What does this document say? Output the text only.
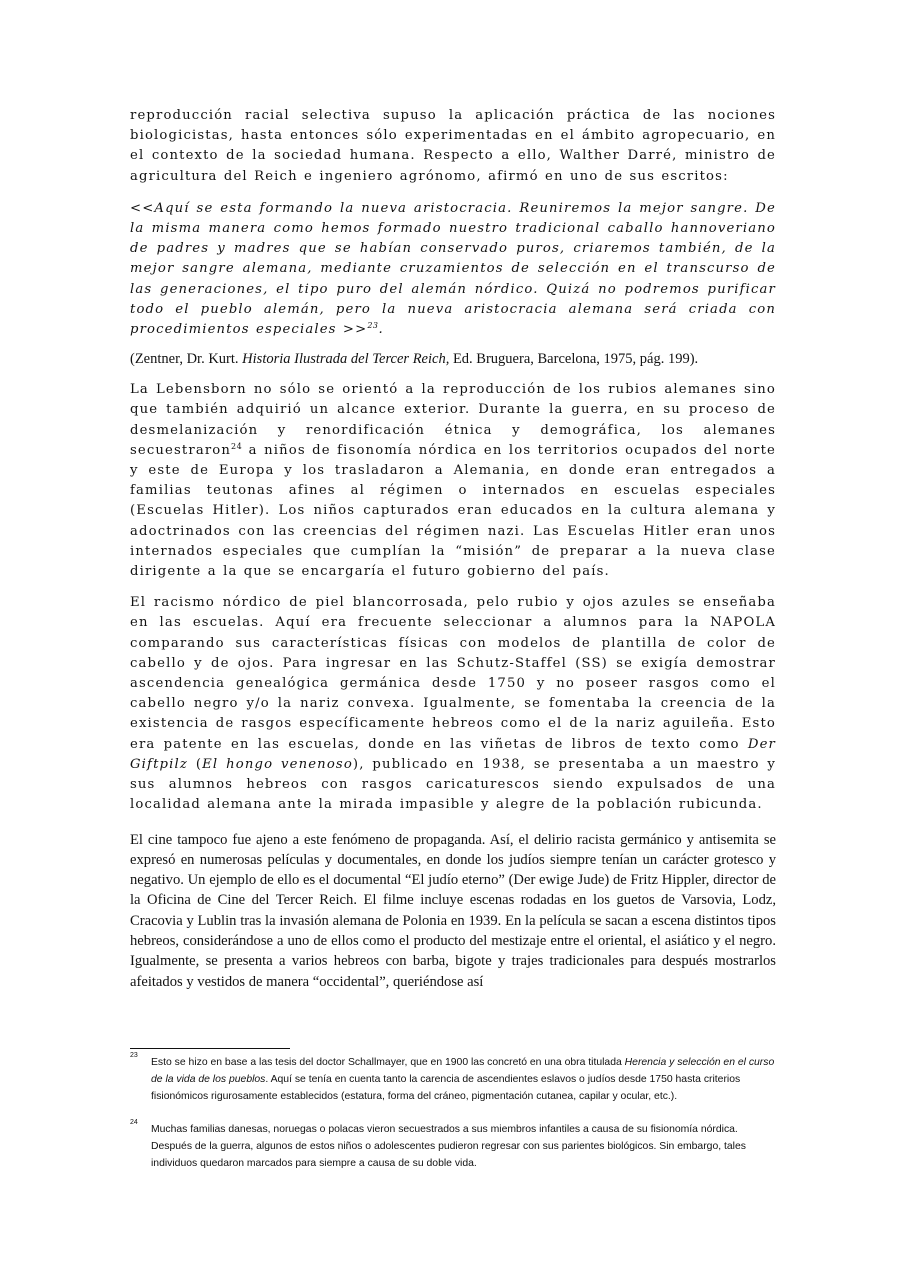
reproducción racial selectiva supuso la aplicación práctica de las nociones biologicistas, hasta entonces sólo experimentadas en el ámbito agropecuario, en el contexto de la sociedad humana. Respecto a ello, Walther Darré, ministro de agricultura del Reich e ingeniero agrónomo, afirmó en uno de sus escritos:

<<Aquí se esta formando la nueva aristocracia. Reuniremos la mejor sangre. De la misma manera como hemos formado nuestro tradicional caballo hannoveriano de padres y madres que se habían conservado puros, criaremos también, de la mejor sangre alemana, mediante cruzamientos de selección en el transcurso de las generaciones, el tipo puro del alemán nórdico. Quizá no podremos purificar todo el pueblo alemán, pero la nueva aristocracia alemana será criada con procedimientos especiales >>$^{23}$.

(Zentner, Dr. Kurt. Historia Ilustrada del Tercer Reich, Ed. Bruguera, Barcelona, 1975, pág. 199).

La Lebensborn no sólo se orientó a la reproducción de los rubios alemanes sino que también adquirió un alcance exterior. Durante la guerra, en su proceso de desmelanización y renordificación étnica y demográfica, los alemanes secuestraron$^{24}$ a niños de fisonomía nórdica en los territorios ocupados del norte y este de Europa y los trasladaron a Alemania, en donde eran entregados a familias teutonas afines al régimen o internados en escuelas especiales (Escuelas Hitler). Los niños capturados eran educados en la cultura alemana y adoctrinados con las creencias del régimen nazi. Las Escuelas Hitler eran unos internados especiales que cumplían la “misión” de preparar a la nueva clase dirigente a la que se encargaría el futuro gobierno del país.

El racismo nórdico de piel blancorrosada, pelo rubio y ojos azules se enseñaba en las escuelas. Aquí era frecuente seleccionar a alumnos para la NAPOLA comparando sus características físicas con modelos de plantilla de color de cabello y de ojos. Para ingresar en las Schutz-Staffel (SS) se exigía demostrar ascendencia genealógica germánica desde 1750 y no poseer rasgos como el cabello negro y/o la nariz convexa. Igualmente, se fomentaba la creencia de la existencia de rasgos específicamente hebreos como el de la nariz aguileña. Esto era patente en las escuelas, donde en las viñetas de libros de texto como Der Giftpilz (El hongo venenoso), publicado en 1938, se presentaba a un maestro y sus alumnos hebreos con rasgos caricaturescos siendo expulsados de una localidad alemana ante la mirada impasible y alegre de la población rubicunda.

El cine tampoco fue ajeno a este fenómeno de propaganda. Así, el delirio racista germánico y antisemita se expresó en numerosas películas y documentales, en donde los judíos siempre tenían un carácter grotesco y negativo. Un ejemplo de ello es el documental “El judío eterno” (Der ewige Jude) de Fritz Hippler, director de la Oficina de Cine del Tercer Reich. El filme incluye escenas rodadas en los guetos de Varsovia, Lodz, Cracovia y Lublin tras la invasión alemana de Polonia en 1939. En la película se sacan a escena distintos tipos hebreos, considerándose a uno de ellos como el producto del mestizaje entre el oriental, el asiático y el negro. Igualmente, se presenta a varios hebreos con barba, bigote y trajes tradicionales para después mostrarlos afeitados y vestidos de manera “occidental”, queriéndose así

23
Esto se hizo en base a las tesis del doctor Schallmayer, que en 1900 las concretó en una obra titulada Herencia y selección en el curso de la vida de los pueblos. Aquí se tenía en cuenta tanto la carencia de ascendientes eslavos o judíos desde 1750 hasta criterios fisionómicos rigurosamente establecidos (estatura, forma del cráneo, pigmentación cutanea, capilar y ocular, etc.).
24
Muchas familias danesas, noruegas o polacas vieron secuestrados a sus miembros infantiles a causa de su fisionomía nórdica. Después de la guerra, algunos de estos niños o adolescentes pudieron regresar con sus parientes biológicos. Sin embargo, tales individuos quedaron marcados para siempre a causa de su doble vida.
